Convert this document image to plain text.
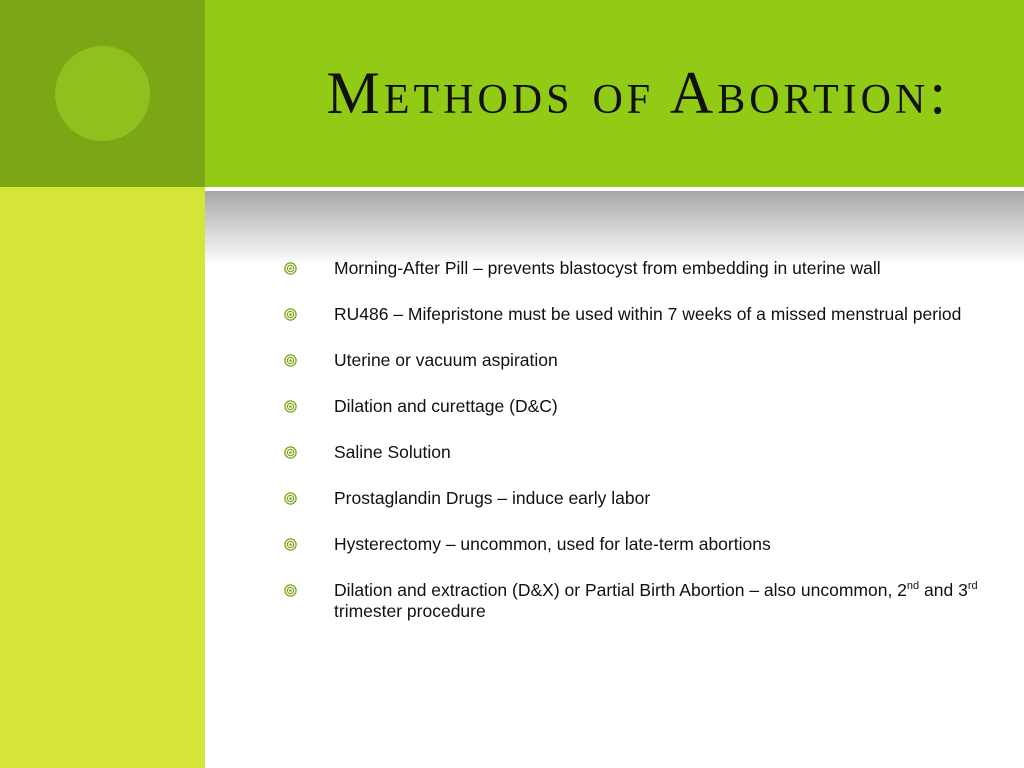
Methods of Abortion:
Morning-After Pill – prevents blastocyst from embedding in uterine wall
RU486 – Mifepristone must be used within 7 weeks of a missed menstrual period
Uterine or vacuum aspiration
Dilation and curettage (D&C)
Saline Solution
Prostaglandin Drugs – induce early labor
Hysterectomy – uncommon, used for late-term abortions
Dilation and extraction (D&X) or Partial Birth Abortion – also uncommon, 2nd and 3rd trimester procedure
